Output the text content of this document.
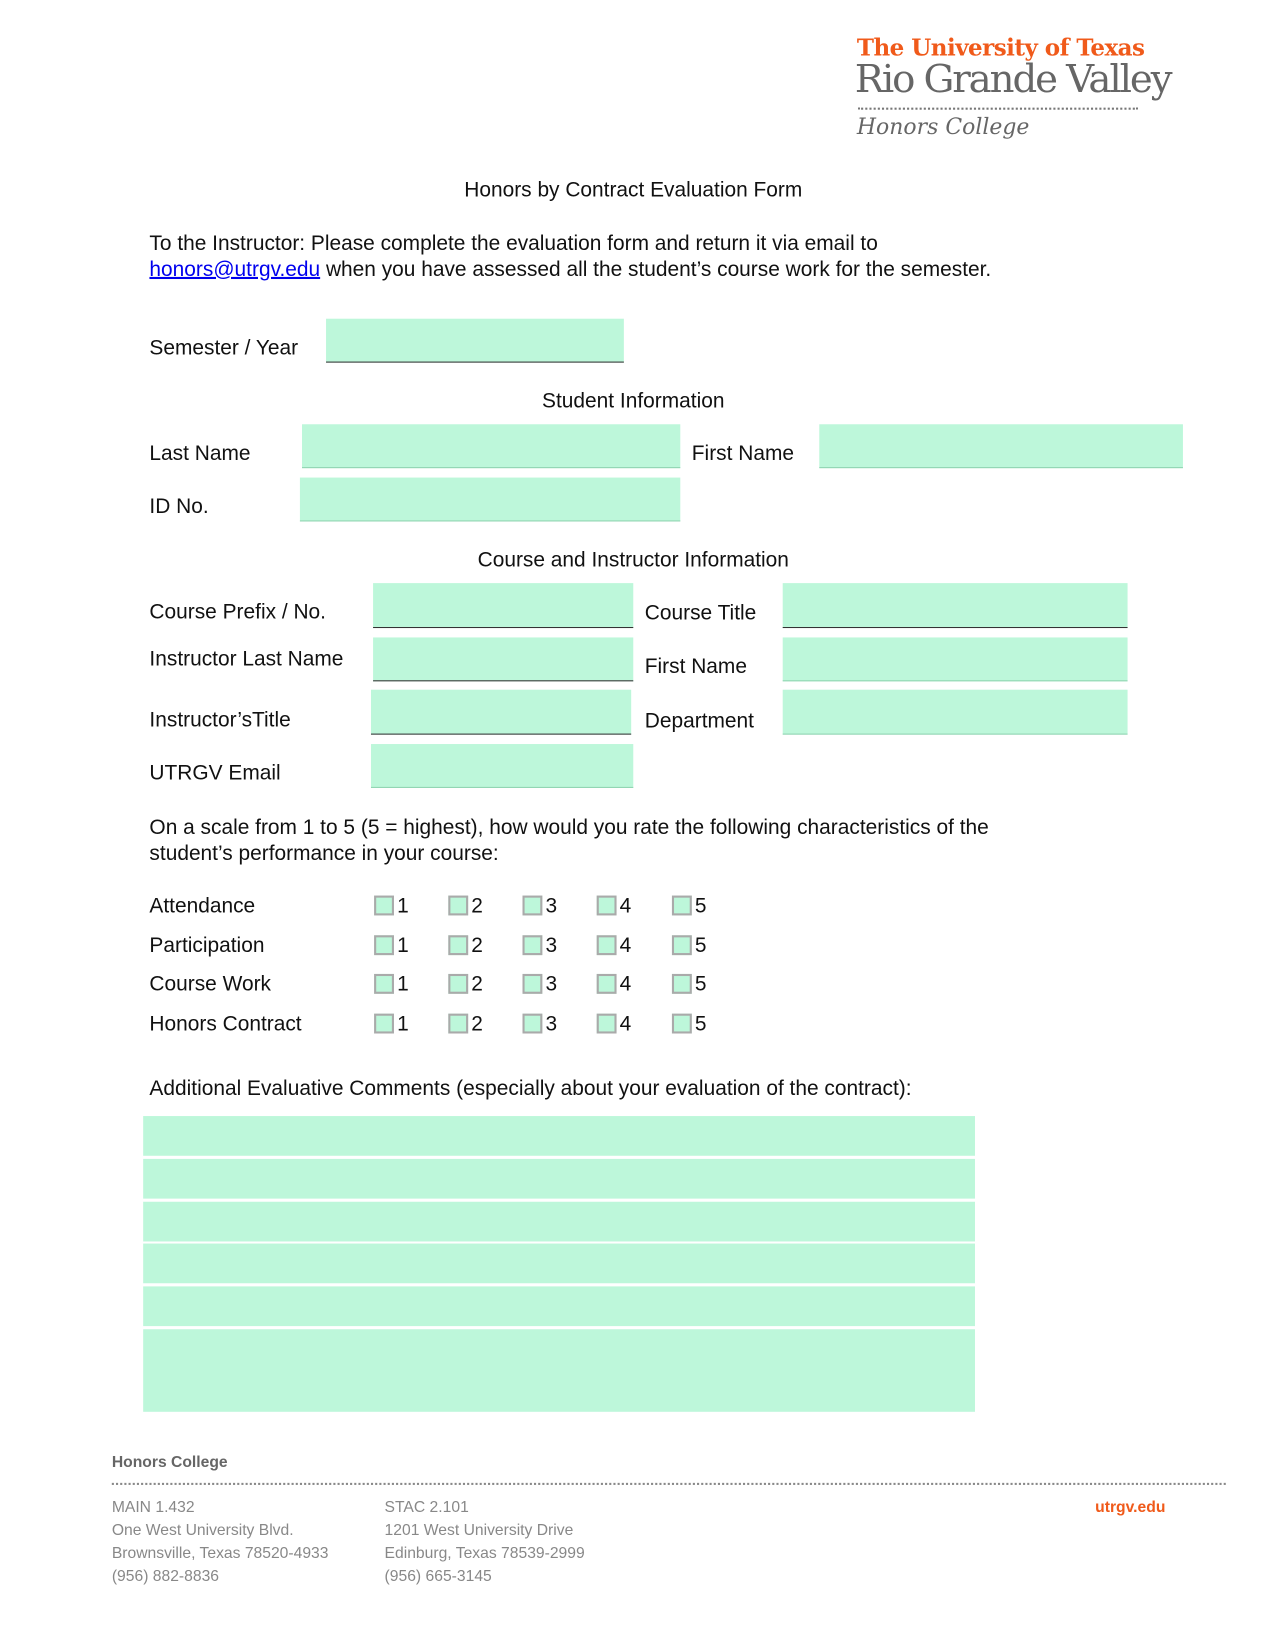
The University of Texas
Rio Grande Valley
Honors College
Honors by Contract Evaluation Form
To the Instructor: Please complete the evaluation form and return it via email to
honors@utrgv.edu when you have assessed all the student’s course work for the semester.
Semester / Year
Student Information
Last Name	First Name
ID No.
Course and Instructor Information
Course Prefix / No.	Course Title
Instructor Last Name	First Name
Instructor’sTitle	Department
UTRGV Email
On a scale from 1 to 5 (5 = highest), how would you rate the following characteristics of the
student’s performance in your course:
Attendance	1	2	3	4	5
Participation	1	2	3	4	5
Course Work	1	2	3	4	5
Honors Contract	1	2	3	4	5
Additional Evaluative Comments (especially about your evaluation of the contract):
Honors College
MAIN 1.432
One West University Blvd.
Brownsville, Texas 78520-4933
(956) 882-8836
STAC 2.101
1201 West University Drive
Edinburg, Texas 78539-2999
(956) 665-3145
utrgv.edu
